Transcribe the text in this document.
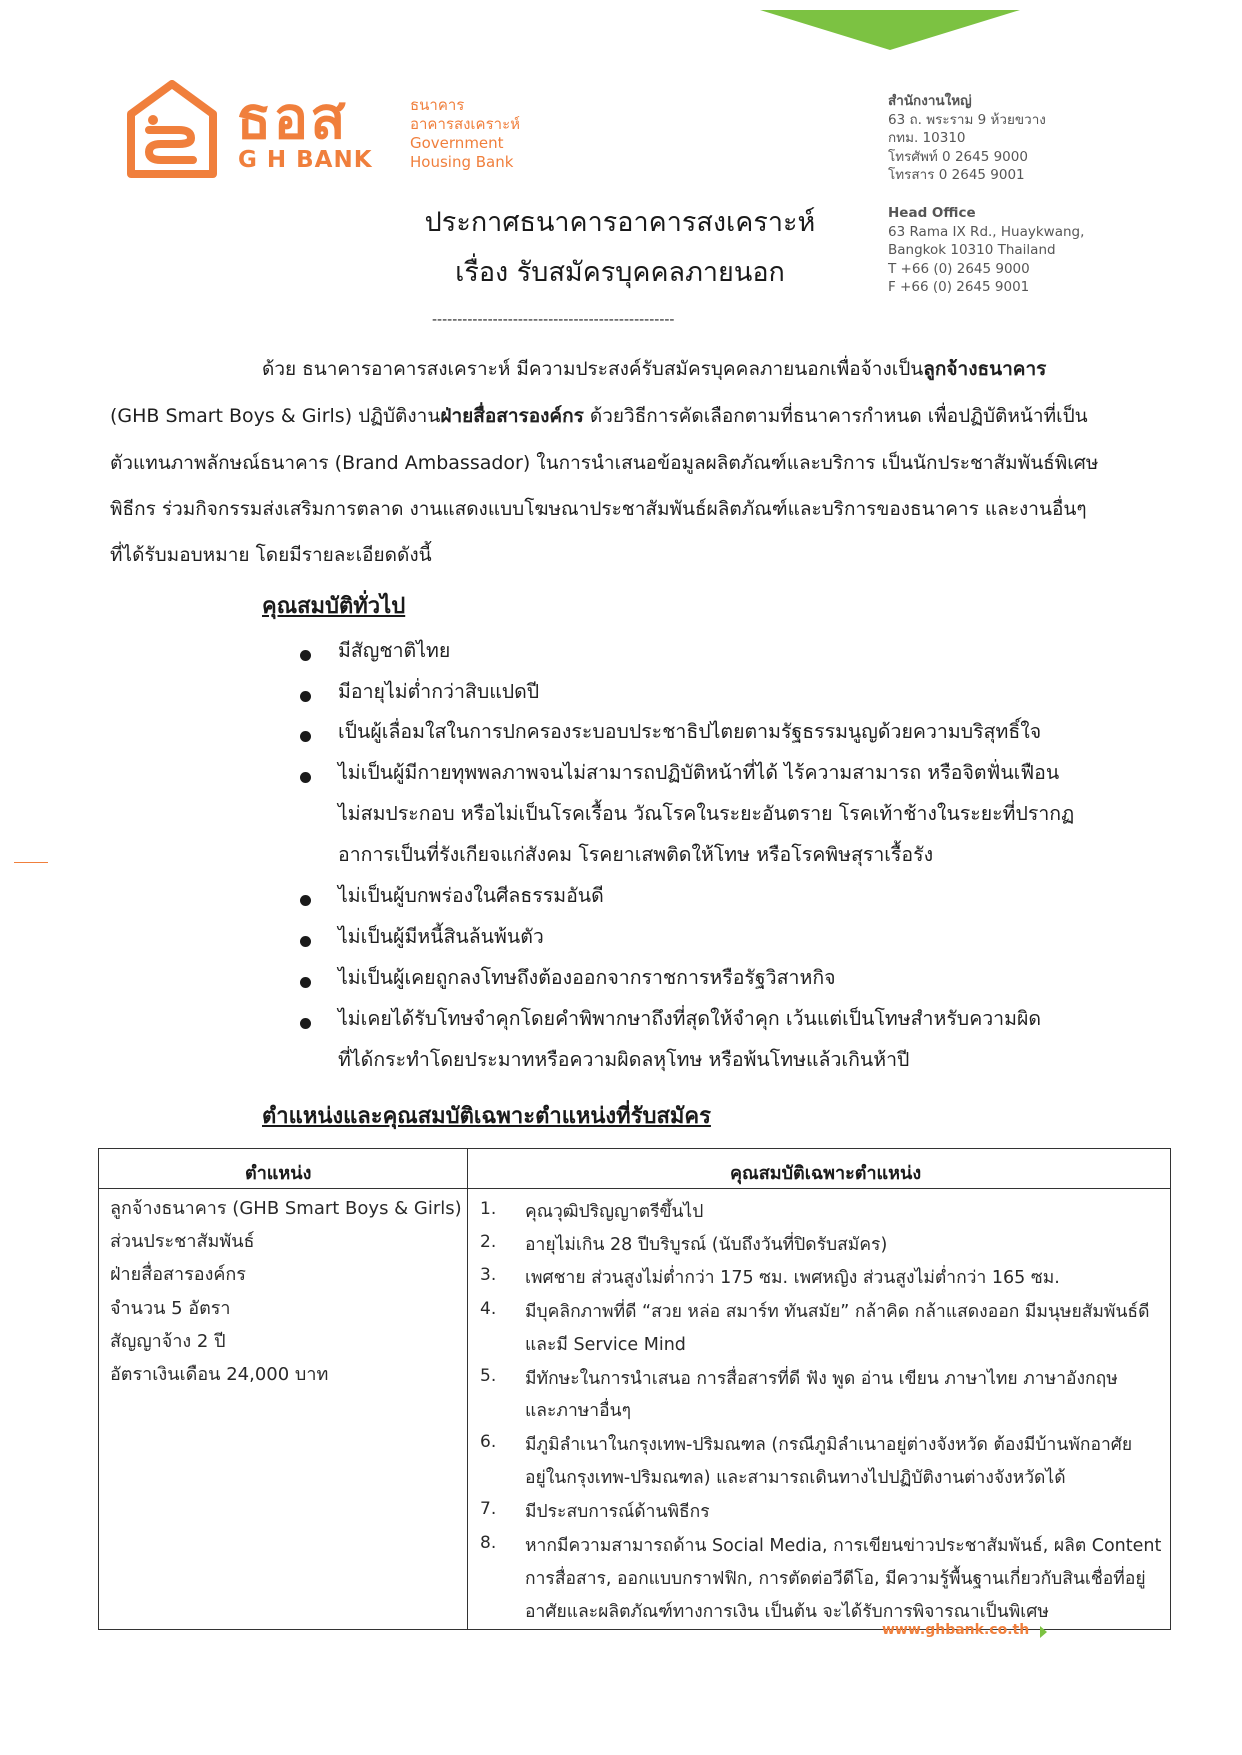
ธอส
G H BANK
ธนาคาร
อาคารสงเคราะห์
Government
Housing Bank
สำนักงานใหญ่
63 ถ. พระราม 9 ห้วยขวาง
กทม. 10310
โทรศัพท์ 0 2645 9000
โทรสาร 0 2645 9001
Head Office
63 Rama IX Rd., Huaykwang,
Bangkok 10310 Thailand
T +66 (0) 2645 9000
F +66 (0) 2645 9001
ประกาศธนาคารอาคารสงเคราะห์
เรื่อง รับสมัครบุคคลภายนอก
------------------------------------------------
ด้วย ธนาคารอาคารสงเคราะห์ มีความประสงค์รับสมัครบุคคลภายนอกเพื่อจ้างเป็นลูกจ้างธนาคาร
(GHB Smart Boys & Girls) ปฏิบัติงานฝ่ายสื่อสารองค์กร ด้วยวิธีการคัดเลือกตามที่ธนาคารกำหนด เพื่อปฏิบัติหน้าที่เป็น
ตัวแทนภาพลักษณ์ธนาคาร (Brand Ambassador) ในการนำเสนอข้อมูลผลิตภัณฑ์และบริการ เป็นนักประชาสัมพันธ์พิเศษ
พิธีกร ร่วมกิจกรรมส่งเสริมการตลาด งานแสดงแบบโฆษณาประชาสัมพันธ์ผลิตภัณฑ์และบริการของธนาคาร และงานอื่นๆ
ที่ได้รับมอบหมาย โดยมีรายละเอียดดังนี้
คุณสมบัติทั่วไป
มีสัญชาติไทย
มีอายุไม่ต่ำกว่าสิบแปดปี
เป็นผู้เลื่อมใสในการปกครองระบอบประชาธิปไตยตามรัฐธรรมนูญด้วยความบริสุทธิ์ใจ
ไม่เป็นผู้มีกายทุพพลภาพจนไม่สามารถปฏิบัติหน้าที่ได้ ไร้ความสามารถ หรือจิตฟั่นเฟือน
ไม่สมประกอบ หรือไม่เป็นโรคเรื้อน วัณโรคในระยะอันตราย โรคเท้าช้างในระยะที่ปรากฏ
อาการเป็นที่รังเกียจแก่สังคม โรคยาเสพติดให้โทษ หรือโรคพิษสุราเรื้อรัง
ไม่เป็นผู้บกพร่องในศีลธรรมอันดี
ไม่เป็นผู้มีหนี้สินล้นพ้นตัว
ไม่เป็นผู้เคยถูกลงโทษถึงต้องออกจากราชการหรือรัฐวิสาหกิจ
ไม่เคยได้รับโทษจำคุกโดยคำพิพากษาถึงที่สุดให้จำคุก เว้นแต่เป็นโทษสำหรับความผิด
ที่ได้กระทำโดยประมาทหรือความผิดลหุโทษ หรือพ้นโทษแล้วเกินห้าปี
ตำแหน่งและคุณสมบัติเฉพาะตำแหน่งที่รับสมัคร
ตำแหน่ง	คุณสมบัติเฉพาะตำแหน่ง
ลูกจ้างธนาคาร (GHB Smart Boys & Girls)
ส่วนประชาสัมพันธ์
ฝ่ายสื่อสารองค์กร
จำนวน 5 อัตรา
สัญญาจ้าง 2 ปี
อัตราเงินเดือน 24,000 บาท
1. คุณวุฒิปริญญาตรีขึ้นไป
2. อายุไม่เกิน 28 ปีบริบูรณ์ (นับถึงวันที่ปิดรับสมัคร)
3. เพศชาย ส่วนสูงไม่ต่ำกว่า 175 ซม. เพศหญิง ส่วนสูงไม่ต่ำกว่า 165 ซม.
4. มีบุคลิกภาพที่ดี “สวย หล่อ สมาร์ท ทันสมัย” กล้าคิด กล้าแสดงออก มีมนุษยสัมพันธ์ดี
และมี Service Mind
5. มีทักษะในการนำเสนอ การสื่อสารที่ดี ฟัง พูด อ่าน เขียน ภาษาไทย ภาษาอังกฤษ
และภาษาอื่นๆ
6. มีภูมิลำเนาในกรุงเทพ-ปริมณฑล (กรณีภูมิลำเนาอยู่ต่างจังหวัด ต้องมีบ้านพักอาศัย
อยู่ในกรุงเทพ-ปริมณฑล) และสามารถเดินทางไปปฏิบัติงานต่างจังหวัดได้
7. มีประสบการณ์ด้านพิธีกร
8. หากมีความสามารถด้าน Social Media, การเขียนข่าวประชาสัมพันธ์, ผลิต Content
การสื่อสาร, ออกแบบกราฟฟิก, การตัดต่อวีดีโอ, มีความรู้พื้นฐานเกี่ยวกับสินเชื่อที่อยู่
อาศัยและผลิตภัณฑ์ทางการเงิน เป็นต้น จะได้รับการพิจารณาเป็นพิเศษ
www.ghbank.co.th
